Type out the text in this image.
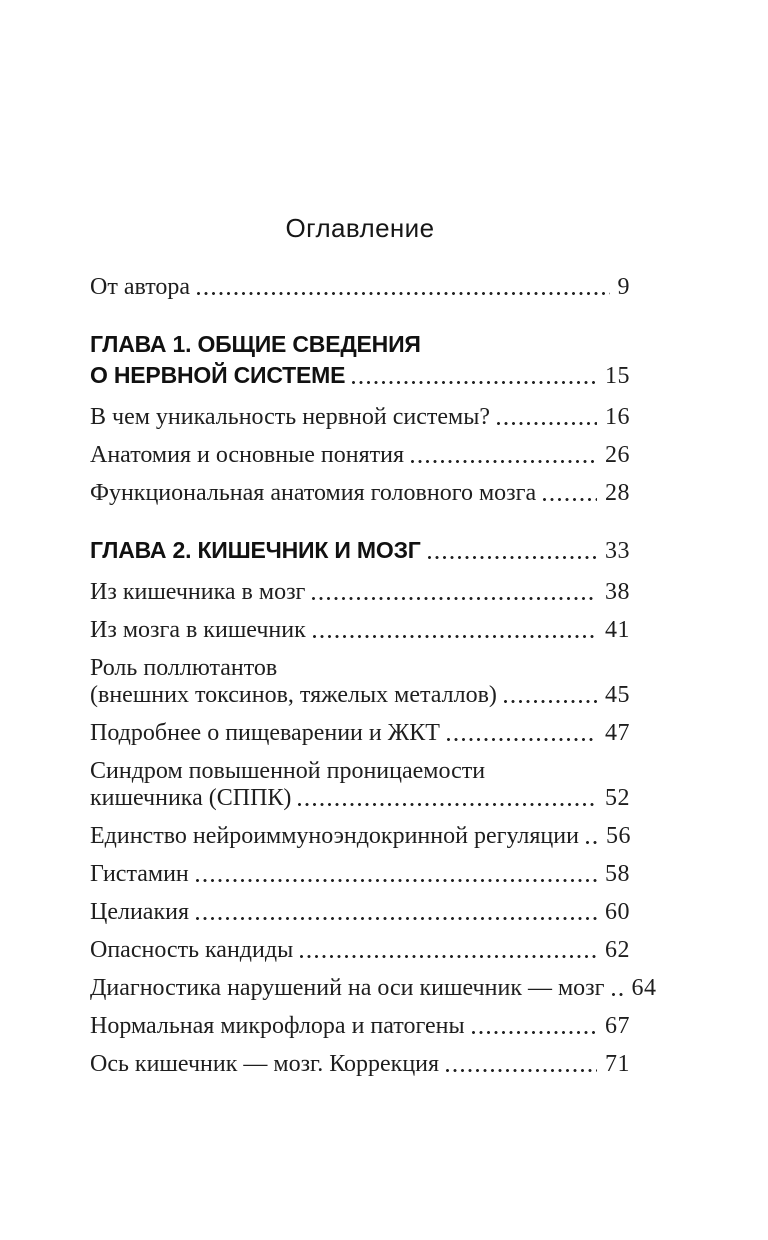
Оглавление
От автора	9
ГЛАВА 1. ОБЩИЕ СВЕДЕНИЯ
О НЕРВНОЙ СИСТЕМЕ	15
В чем уникальность нервной системы?	16
Анатомия и основные понятия	26
Функциональная анатомия головного мозга	28
ГЛАВА 2. КИШЕЧНИК И МОЗГ	33
Из кишечника в мозг	38
Из мозга в кишечник	41
Роль поллютантов
(внешних токсинов, тяжелых металлов)	45
Подробнее о пищеварении и ЖКТ	47
Синдром повышенной проницаемости
кишечника (СППК)	52
Единство нейроиммуноэндокринной регуляции 56
Гистамин	58
Целиакия	60
Опасность кандиды	62
Диагностика нарушений на оси кишечник — мозг 64
Нормальная микрофлора и патогены	67
Ось кишечник — мозг. Коррекция	71
